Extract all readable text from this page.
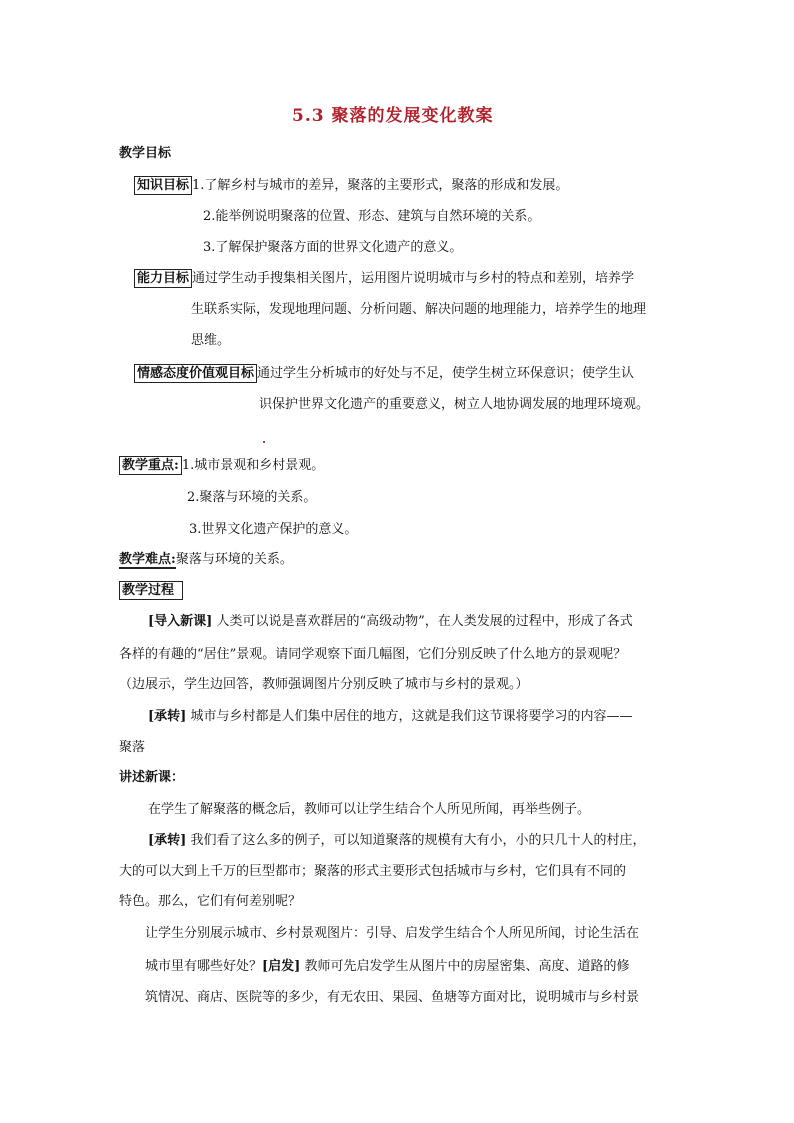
5.3 聚落的发展变化教案
教学目标
知识目标 1.了解乡村与城市的差异，聚落的主要形式，聚落的形成和发展。
2.能举例说明聚落的位置、形态、建筑与自然环境的关系。
3.了解保护聚落方面的世界文化遗产的意义。
能力目标 通过学生动手搜集相关图片，运用图片说明城市与乡村的特点和差别，培养学
生联系实际，发现地理问题、分析问题、解决问题的地理能力，培养学生的地理
思维。
情感态度价值观目标 通过学生分析城市的好处与不足，使学生树立环保意识；使学生认
识保护世界文化遗产的重要意义，树立人地协调发展的地理环境观。
教学重点: 1.城市景观和乡村景观。
2.聚落与环境的关系。
3.世界文化遗产保护的意义。
教学难点:聚落与环境的关系。
教学过程
[导入新课] 人类可以说是喜欢群居的“高级动物”，在人类发展的过程中，形成了各式
各样的有趣的“居住”景观。请同学观察下面几幅图，它们分别反映了什么地方的景观呢？
（边展示，学生边回答，教师强调图片分别反映了城市与乡村的景观。）
[承转] 城市与乡村都是人们集中居住的地方，这就是我们这节课将要学习的内容——
聚落
讲述新课：
在学生了解聚落的概念后，教师可以让学生结合个人所见所闻，再举些例子。
[承转] 我们看了这么多的例子，可以知道聚落的规模有大有小，小的只几十人的村庄，
大的可以大到上千万的巨型都市；聚落的形式主要形式包括城市与乡村，它们具有不同的
特色。那么，它们有何差别呢？
让学生分别展示城市、乡村景观图片：引导、启发学生结合个人所见所闻，讨论生活在
城市里有哪些好处？[启发] 教师可先启发学生从图片中的房屋密集、高度、道路的修
筑情况、商店、医院等的多少，有无农田、果园、鱼塘等方面对比，说明城市与乡村景
